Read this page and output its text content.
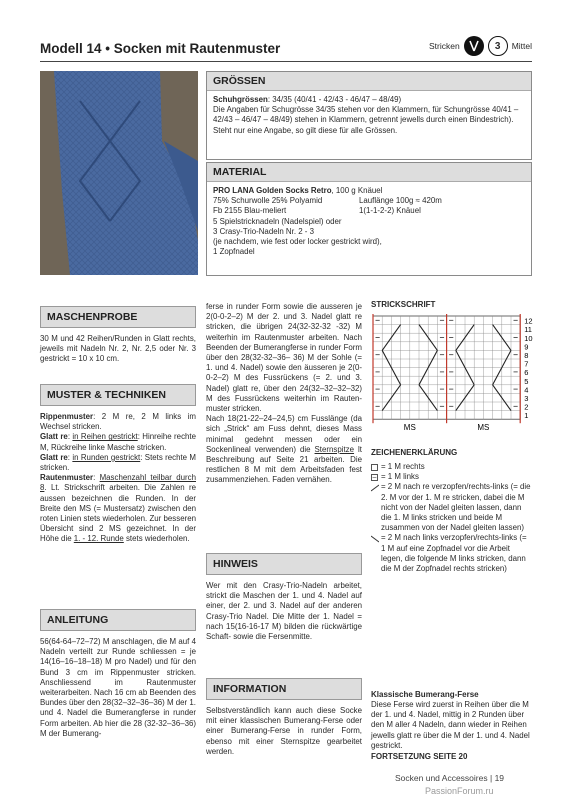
Modell 14 • Socken mit Rautenmuster	Stricken	3	Mittel
GRÖSSEN
Schuhgrössen: 34/35 (40/41 - 42/43 - 46/47 – 48/49)
Die Angaben für Schugrösse 34/35 stehen vor den Klammern, für Schungrösse 40/41 – 42/43 – 46/47 – 48/49) stehen in Klammern, getrennt jewells durch einen Bindestrich). Steht nur eine Angabe, so gilt diese für alle Grössen.
MATERIAL
PRO LANA Golden Socks Retro, 100 g Knäuel
75% Schurwolle 25% Polyamid	Lauflänge 100g ≈ 420m
Fb 2155 Blau-meliert	1(1-1-2-2) Knäuel
5 Spielstricknadeln (Nadelspiel) oder
3 Crasy-Trio-Nadeln Nr. 2 - 3
(je nachdem, wie fest oder locker gestrickt wird),
1 Zopfnadel
MASCHENPROBE
30 M und 42 Reihen/Runden in Glatt rechts, jeweils mit Nadeln Nr. 2, Nr. 2,5 oder Nr. 3 gestrickt = 10 x 10 cm.
MUSTER & TECHNIKEN
Rippenmuster: 2 M re, 2 M links im Wechsel stricken.
Glatt re: in Reihen gestrickt: Hinreihe rechte M, Rückreihe linke Masche stricken.
Glatt re: in Runden gestrickt: Stets rechte M stricken.
Rautenmuster: Maschenzahl teilbar durch 8. Lt. Strickschrift arbeiten. Die Zahlen re aussen bezeichnen die Runden. In der Breite den MS (= Mustersatz) zwischen den roten Linien stets wiederholen. Zur besseren Übersicht sind 2 MS gezeichnet. In der Höhe die 1. - 12. Runde stets wiederholen.
ANLEITUNG
56(64-64–72–72) M anschlagen, die M auf 4 Nadeln verteilt zur Runde schliessen = je 14(16–16–18–18) M pro Nadel) und für den Bund 3 cm im Rippenmuster stricken. Anschliessend im Rautenmuster weiterarbeiten. Nach 16 cm ab Beenden des Bundes über den 28(32–32–36–36) M der 1. und 4. Nadel die Bumerangferse in runder Form arbeiten. Ab hier die 28 (32-32–36–36) M der Bumerang-
ferse in runder Form sowie die ausseren je 2(0-0-2–2) M der 2. und 3. Nadel glatt re stricken, die übrigen 24(32-32-32 -32) M weiterhin im Rautenmuster arbeiten. Nach Beenden der Bumerangferse in runder Form über den 28(32-32–36– 36) M der Sohle (= 1. und 4. Nadel) sowie den äusseren je 2(0-0-2–2) M des Fussrückens (= 2. und 3. Nadel) glatt re, über den 24(32–32–32–32) M des Fussrückens weiterhin im Rautenmuster stricken.
Nach 18(21-22–24–24,5) cm Fusslänge (da sich „Strick“ am Fuss dehnt, dieses Mass minimal gedehnt messen oder ein Sockenlineal verwenden) die Sternspitze lt Beschreibung auf Seite 21 arbeiten. Die restlichen 8 M mit dem Arbeitsfaden fest zusammenziehen. Faden vernähen.
HINWEIS
Wer mit den Crasy-Trio-Nadeln arbeitet, strickt die Maschen der 1. und 4. Nadel auf einer, der 2. und 3. Nadel auf der anderen Crasy-Trio Nadel. Die Mitte der 1. Nadel = nach 15(16-16-17 M) bilden die rückwärtige Schaft- sowie die Fersenmitte.
INFORMATION
Selbstverständlich kann auch diese Socke mit einer klassischen Bumerang-Ferse oder einer Bumerang-Ferse in runder Form, ebenso mit einer Sternspitze gearbeitet werden.
STRICKSCHRIFT
MS	MS
12
11
10
9
8
7
6
5
4
3
2
1
ZEICHENERKLÄRUNG
= 1 M rechts
– = 1 M links
= 2 M nach re verzopfen/rechts-links (= die 2. M vor der 1. M re stricken, dabei die M nicht von der Nadel gleiten lassen, dann die 1. M links stricken und beide M zusammen von der Nadel gleiten lassen)
= 2 M nach links verzopfen/rechts-links (= 1 M auf eine Zopfnadel vor die Arbeit legen, die folgende M links stricken, dann die M der Zopfnadel rechts stricken)
Klassische Bumerang-Ferse
Diese Ferse wird zuerst in Reihen über die M der 1. und 4. Nadel, mittig in 2 Runden über den M aller 4 Nadeln, dann wieder in Reihen jewells glatt re über die M der 1. und 4. Nadel gestrickt.
FORTSETZUNG SEITE 20
Socken und Accessoires | 19
PassionForum.ru
